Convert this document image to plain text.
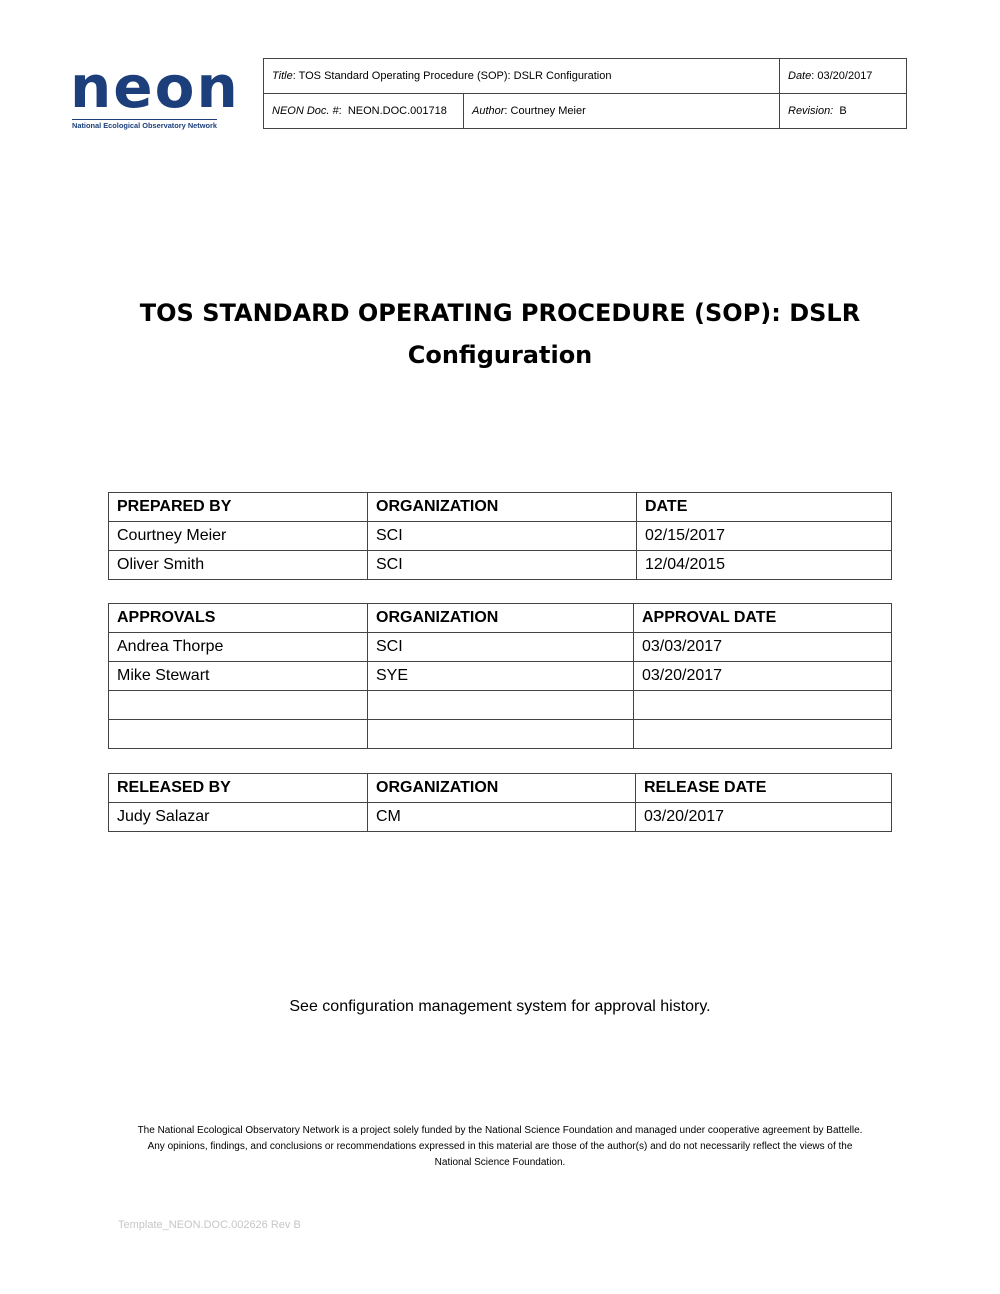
neon
National Ecological Observatory Network
Title: TOS Standard Operating Procedure (SOP): DSLR Configuration		Date: 03/20/2017
NEON Doc. #:  NEON.DOC.001718	Author: Courtney Meier	Revision: B
TOS STANDARD OPERATING PROCEDURE (SOP): DSLR
Configuration
PREPARED BY	ORGANIZATION	DATE
Courtney Meier	SCI	02/15/2017
Oliver Smith	SCI	12/04/2015
APPROVALS	ORGANIZATION	APPROVAL DATE
Andrea Thorpe	SCI	03/03/2017
Mike Stewart	SYE	03/20/2017

RELEASED BY	ORGANIZATION	RELEASE DATE
Judy Salazar	CM	03/20/2017
See configuration management system for approval history.
The National Ecological Observatory Network is a project solely funded by the National Science Foundation and managed under cooperative agreement by Battelle.
Any opinions, findings, and conclusions or recommendations expressed in this material are those of the author(s) and do not necessarily reflect the views of the
National Science Foundation.
Template_NEON.DOC.002626 Rev B
